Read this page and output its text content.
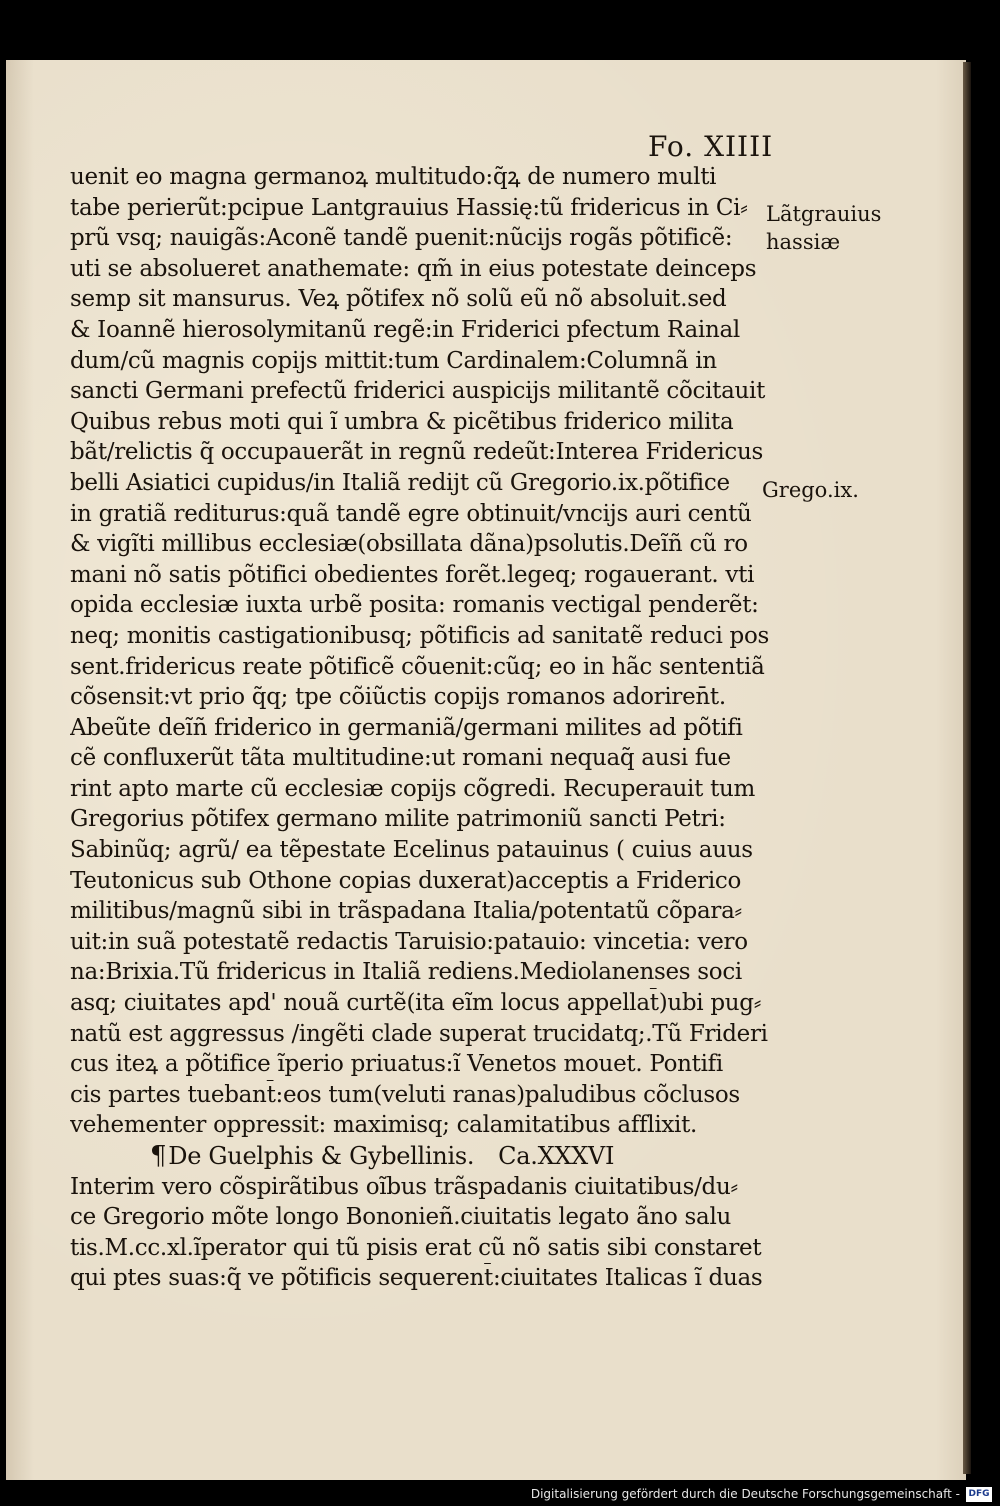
Fo. XIIII
uenit eo magna germanoꝝ multitudo:q̃ꝝ de numero multi
tabe perierũt:pcipue Lantgrauius Hassię:tũ fridericus in Ci⸗
prũ vsq; nauigãs:Aconẽ tandẽ puenit:nũcijs rogãs põtificẽ:
uti se absolueret anathemate: qm̃ in eius potestate deinceps
semp sit mansurus. Veꝝ põtifex nõ solũ eũ nõ absoluit.sed
& Ioannẽ hierosolymitanũ regẽ:in Friderici pfectum Rainal
dum/cũ magnis copijs mittit:tum Cardinalem:Columnã in
sancti Germani prefectũ friderici auspicijs militantẽ cõcitauit
Quibus rebus moti qui ĩ umbra & picẽtibus friderico milita
bãt/relictis q̃ occupauerãt in regnũ redeũt:Interea Fridericus
belli Asiatici cupidus/in Italiã redijt cũ Gregorio.ix.põtifice
in gratiã rediturus:quã tandẽ egre obtinuit/vncijs auri centũ
& vigĩti millibus ecclesiæ(obsillata dãna)psolutis.Deĩñ cũ ro
mani nõ satis põtifici obedientes forẽt.legeq; rogauerant. vti
opida ecclesiæ iuxta urbẽ posita: romanis vectigal penderẽt:
neq; monitis castigationibusq; põtificis ad sanitatẽ reduci pos
sent.fridericus reate põtificẽ cõuenit:cũq; eo in hãc sententiã
cõsensit:vt prio q̃q; tpe cõiũctis copijs romanos adoriren̄t.
Abeũte deĩñ friderico in germaniã/germani milites ad põtifi
cẽ confluxerũt tãta multitudine:ut romani nequaq̃ ausi fue
rint apto marte cũ ecclesiæ copijs cõgredi. Recuperauit tum
Gregorius põtifex germano milite patrimoniũ sancti Petri:
Sabinũq; agrũ/ ea tẽpestate Ecelinus patauinus ( cuius auus
Teutonicus sub Othone copias duxerat)acceptis a Friderico
militibus/magnũ sibi in trãspadana Italia/potentatũ cõpara⸗
uit:in suã potestatẽ redactis Taruisio:patauio: vincetia: vero
na:Brixia.Tũ fridericus in Italiã rediens.Mediolanenses soci
asq; ciuitates apd' nouã curtẽ(ita eĩm locus appellat̄)ubi pug⸗
natũ est aggressus /ingẽti clade superat trucidatq;.Tũ Frideri
cus iteꝝ a põtifice ĩperio priuatus:ĩ Venetos mouet. Pontifi
cis partes tuebant̄:eos tum(veluti ranas)paludibus cõclusos
vehementer oppressit: maximisq; calamitatibus afflixit.
¶De Guelphis & Gybellinis. Ca.XXXVI
Interim vero cõspirãtibus oĩbus trãspadanis ciuitatibus/du⸗
ce Gregorio mõte longo Bononieñ.ciuitatis legato ãno salu
tis.M.cc.xl.ĩperator qui tũ pisis erat cũ nõ satis sibi constaret
qui ptes suas:q̃ ve põtificis sequerent̄:ciuitates Italicas ĩ duas
Lãtgrauius
hassiæ
Grego.ix.
Digitalisierung gefördert durch die Deutsche Forschungsgemeinschaft - DFG
